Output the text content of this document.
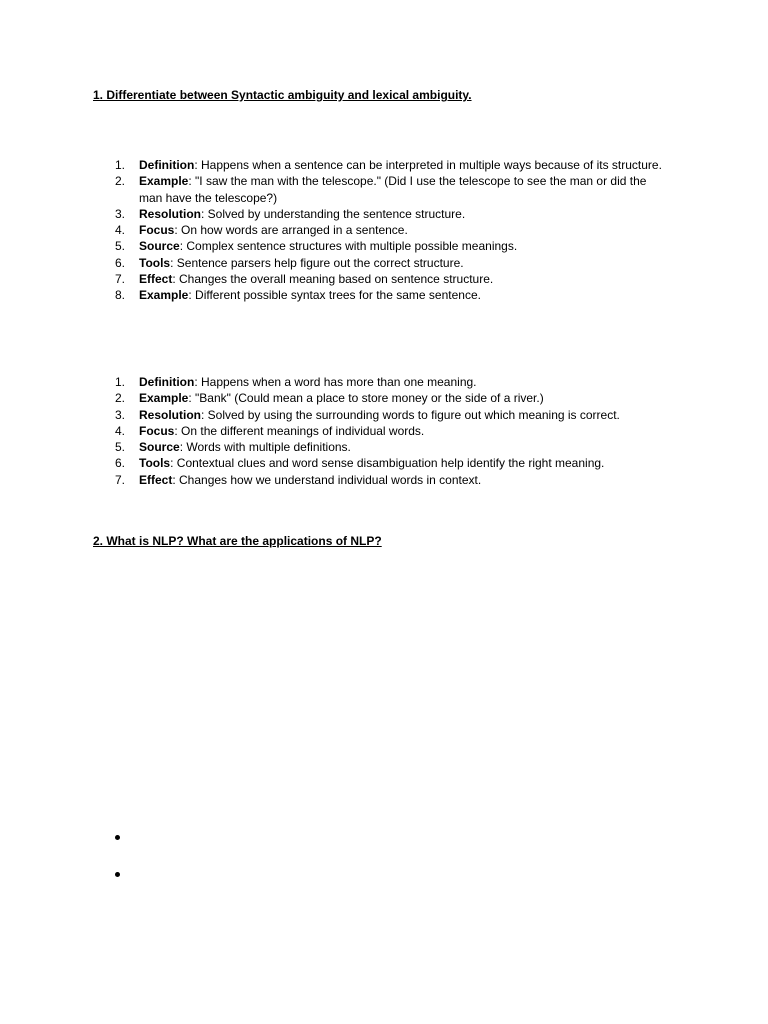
1. Differentiate between Syntactic ambiguity and lexical ambiguity.
1.	Definition: Happens when a sentence can be interpreted in multiple ways because of its structure.
2.	Example: "I saw the man with the telescope." (Did I use the telescope to see the man or did the man have the telescope?)
3.	Resolution: Solved by understanding the sentence structure.
4.	Focus: On how words are arranged in a sentence.
5.	Source: Complex sentence structures with multiple possible meanings.
6.	Tools: Sentence parsers help figure out the correct structure.
7.	Effect: Changes the overall meaning based on sentence structure.
8.	Example: Different possible syntax trees for the same sentence.
1.	Definition: Happens when a word has more than one meaning.
2.	Example: "Bank" (Could mean a place to store money or the side of a river.)
3.	Resolution: Solved by using the surrounding words to figure out which meaning is correct.
4.	Focus: On the different meanings of individual words.
5.	Source: Words with multiple definitions.
6.	Tools: Contextual clues and word sense disambiguation help identify the right meaning.
7.	Effect: Changes how we understand individual words in context.
2. What is NLP? What are the applications of NLP?
